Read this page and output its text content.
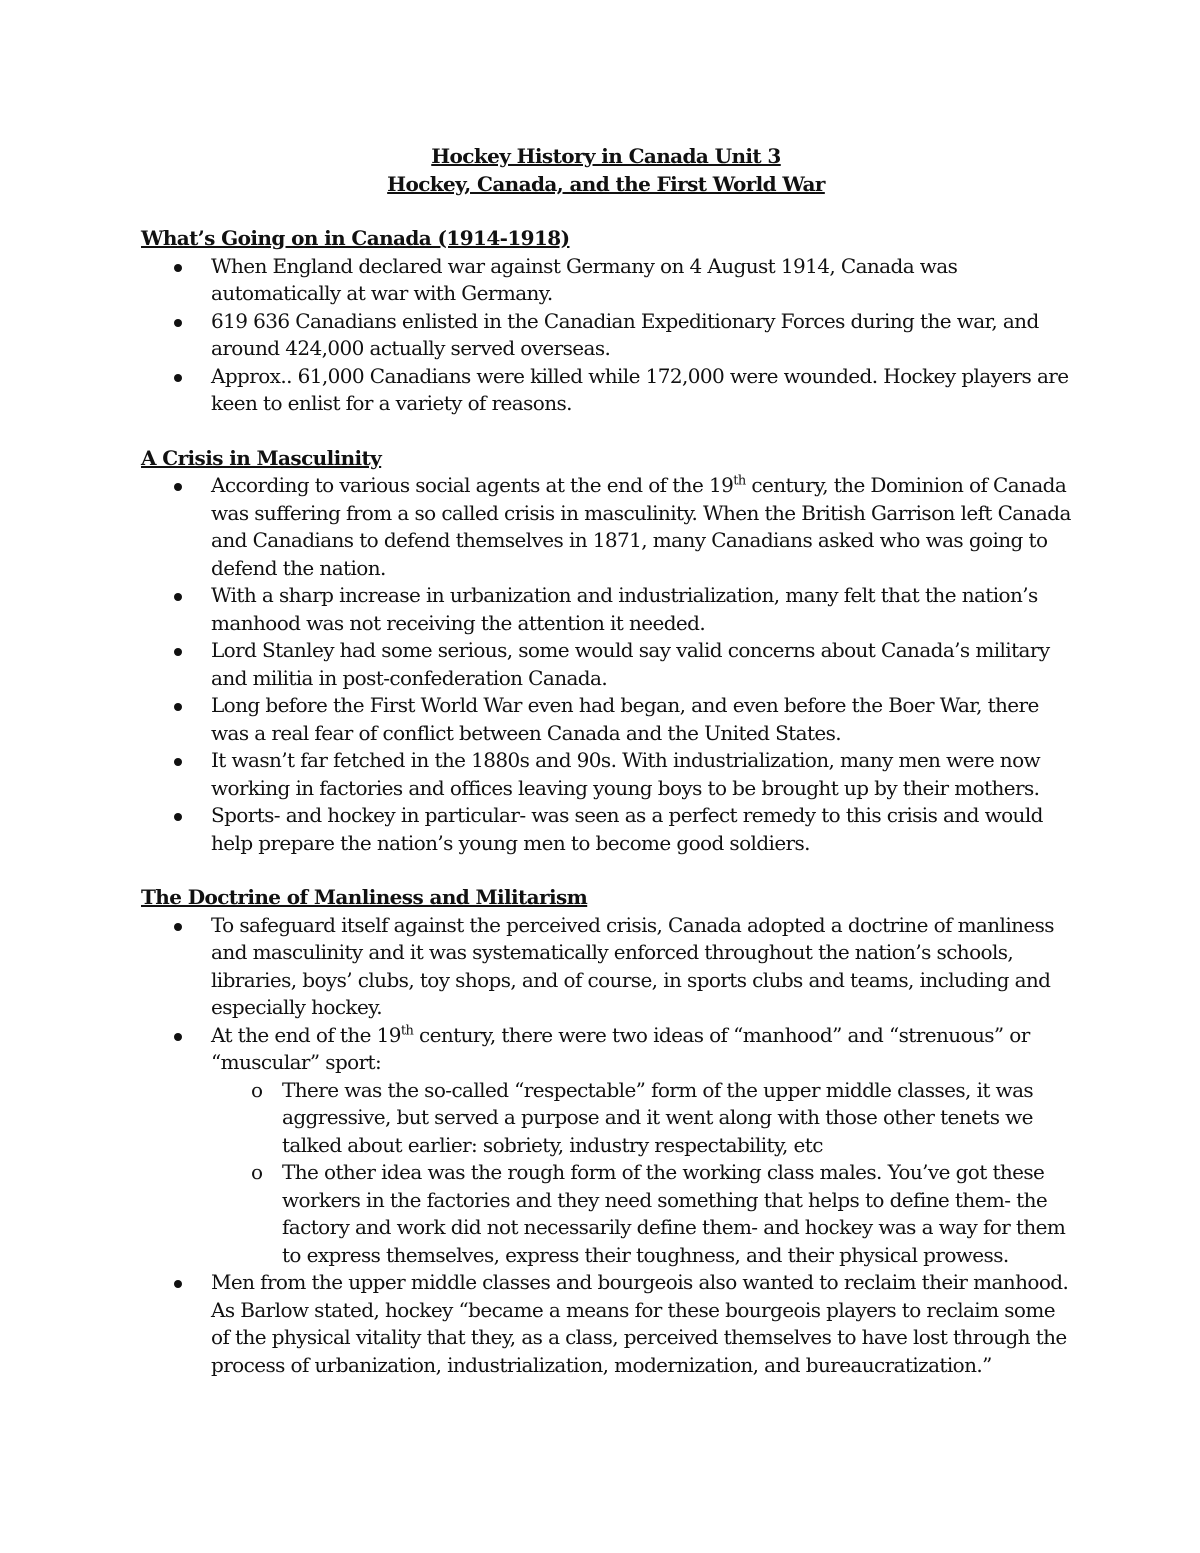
Hockey History in Canada Unit 3
Hockey, Canada, and the First World War
What’s Going on in Canada (1914-1918)
When England declared war against Germany on 4 August 1914, Canada was automatically at war with Germany.
619 636 Canadians enlisted in the Canadian Expeditionary Forces during the war, and around 424,000 actually served overseas.
Approx.. 61,000 Canadians were killed while 172,000 were wounded. Hockey players are keen to enlist for a variety of reasons.
A Crisis in Masculinity
According to various social agents at the end of the 19th century, the Dominion of Canada was suffering from a so called crisis in masculinity. When the British Garrison left Canada and Canadians to defend themselves in 1871, many Canadians asked who was going to defend the nation.
With a sharp increase in urbanization and industrialization, many felt that the nation’s manhood was not receiving the attention it needed.
Lord Stanley had some serious, some would say valid concerns about Canada’s military and militia in post-confederation Canada.
Long before the First World War even had began, and even before the Boer War, there was a real fear of conflict between Canada and the United States.
It wasn’t far fetched in the 1880s and 90s. With industrialization, many men were now working in factories and offices leaving young boys to be brought up by their mothers.
Sports- and hockey in particular- was seen as a perfect remedy to this crisis and would help prepare the nation’s young men to become good soldiers.
The Doctrine of Manliness and Militarism
To safeguard itself against the perceived crisis, Canada adopted a doctrine of manliness and masculinity and it was systematically enforced throughout the nation’s schools, libraries, boys’ clubs, toy shops, and of course, in sports clubs and teams, including and especially hockey.
At the end of the 19th century, there were two ideas of “manhood” and “strenuous” or “muscular” sport:
o There was the so-called “respectable” form of the upper middle classes, it was aggressive, but served a purpose and it went along with those other tenets we talked about earlier: sobriety, industry respectability, etc
o The other idea was the rough form of the working class males. You’ve got these workers in the factories and they need something that helps to define them- the factory and work did not necessarily define them- and hockey was a way for them to express themselves, express their toughness, and their physical prowess.
Men from the upper middle classes and bourgeois also wanted to reclaim their manhood. As Barlow stated, hockey “became a means for these bourgeois players to reclaim some of the physical vitality that they, as a class, perceived themselves to have lost through the process of urbanization, industrialization, modernization, and bureaucratization.”
